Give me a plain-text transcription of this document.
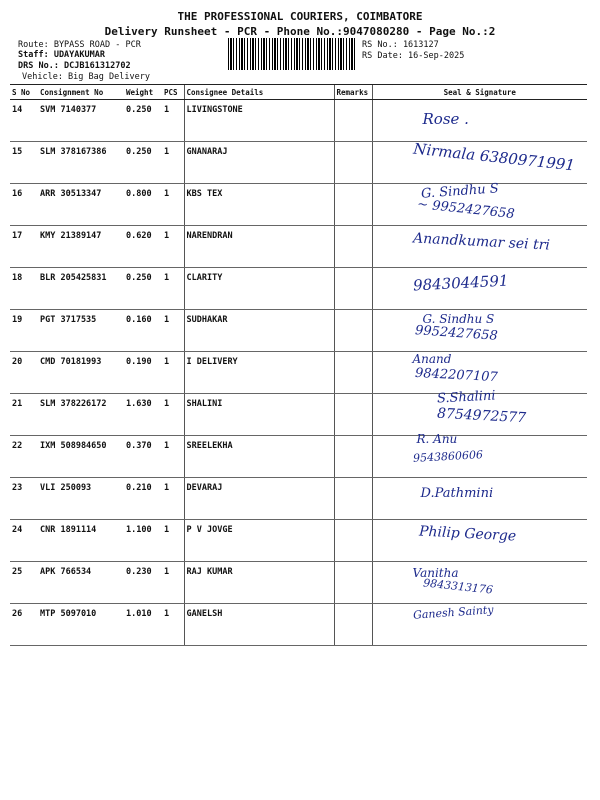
THE PROFESSIONAL COURIERS, COIMBATORE
Delivery Runsheet - PCR - Phone No.:9047080280 - Page No.:2
Route: BYPASS ROAD - PCR
Staff: UDAYAKUMAR
DRS No.: DCJB161312702
Vehicle: Big Bag Delivery
RS No.: 1613127
RS Date: 16-Sep-2025
S No	Consignment No	Weight	PCS	Consignee Details	Remarks	Seal & Signature
14	SVM 7140377	0.250	1	LIVINGSTONE		Rose .

15	SLM 378167386	0.250	1	GNANARAJ		Nirmala 6380971991

16	ARR 30513347	0.800	1	KBS TEX		G. Sindhu S
~ 9952427658

17	KMY 21389147	0.620	1	NARENDRAN		Anandkumar sei tri

18	BLR 205425831	0.250	1	CLARITY		9843044591

19	PGT 3717535	0.160	1	SUDHAKAR		G. Sindhu S
9952427658

20	CMD 70181993	0.190	1	I DELIVERY		Anand
9842207107

21	SLM 378226172	1.630	1	SHALINI		S.Shalini
8754972577

22	IXM 508984650	0.370	1	SREELEKHA		R. Anu
9543860606

23	VLI 250093	0.210	1	DEVARAJ		D.Pathmini

24	CNR 1891114	1.100	1	P V JOVGE		Philip George

25	APK 766534	0.230	1	RAJ KUMAR		Vanitha
9843313176

26	MTP 5097010	1.010	1	GANELSH		Ganesh Sainty
